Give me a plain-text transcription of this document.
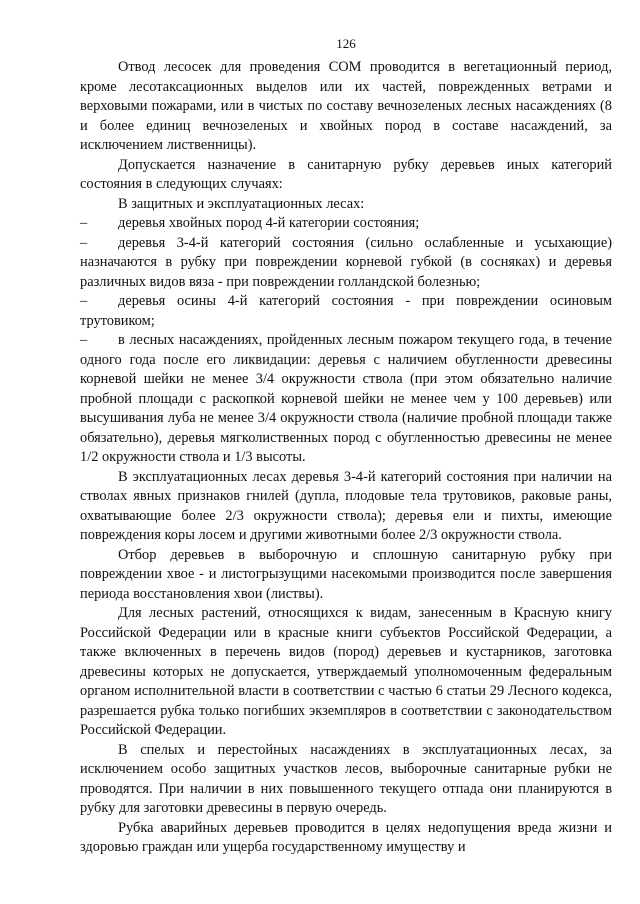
126

Отвод лесосек для проведения СОМ проводится в вегетационный период, кроме лесотаксационных выделов или их частей, поврежденных ветрами и верховыми пожарами, или в чистых по составу вечнозеленых лесных насаждениях (8 и более единиц вечнозеленых и хвойных пород в составе насаждений, за исключением лиственницы).

Допускается назначение в санитарную рубку деревьев иных категорий состояния в следующих случаях:

В защитных и эксплуатационных лесах:

– деревья хвойных пород 4-й категории состояния;

– деревья 3-4-й категорий состояния (сильно ослабленные и усыхающие) назначаются в рубку при повреждении корневой губкой (в сосняках) и деревья различных видов вяза - при повреждении голландской болезнью;

– деревья осины 4-й категорий состояния - при повреждении осиновым трутовиком;

– в лесных насаждениях, пройденных лесным пожаром текущего года, в течение одного года после его ликвидации: деревья с наличием обугленности древесины корневой шейки не менее 3/4 окружности ствола (при этом обязательно наличие пробной площади с раскопкой корневой шейки не менее чем у 100 деревьев) или высушивания луба не менее 3/4 окружности ствола (наличие пробной площади также обязательно), деревья мягколиственных пород с обугленностью древесины не менее 1/2 окружности ствола и 1/3 высоты.

В эксплуатационных лесах деревья 3-4-й категорий состояния при наличии на стволах явных признаков гнилей (дупла, плодовые тела трутовиков, раковые раны, охватывающие более 2/3 окружности ствола); деревья ели и пихты, имеющие повреждения коры лосем и другими животными более 2/3 окружности ствола.

Отбор деревьев в выборочную и сплошную санитарную рубку при повреждении хвое - и листогрызущими насекомыми производится после завершения периода восстановления хвои (листвы).

Для лесных растений, относящихся к видам, занесенным в Красную книгу Российской Федерации или в красные книги субъектов Российской Федерации, а также включенных в перечень видов (пород) деревьев и кустарников, заготовка древесины которых не допускается, утверждаемый уполномоченным федеральным органом исполнительной власти в соответствии с частью 6 статьи 29 Лесного кодекса, разрешается рубка только погибших экземпляров в соответствии с законодательством Российской Федерации.

В спелых и перестойных насаждениях в эксплуатационных лесах, за исключением особо защитных участков лесов, выборочные санитарные рубки не проводятся. При наличии в них повышенного текущего отпада они планируются в рубку для заготовки древесины в первую очередь.

Рубка аварийных деревьев проводится в целях недопущения вреда жизни и здоровью граждан или ущерба государственному имуществу и
